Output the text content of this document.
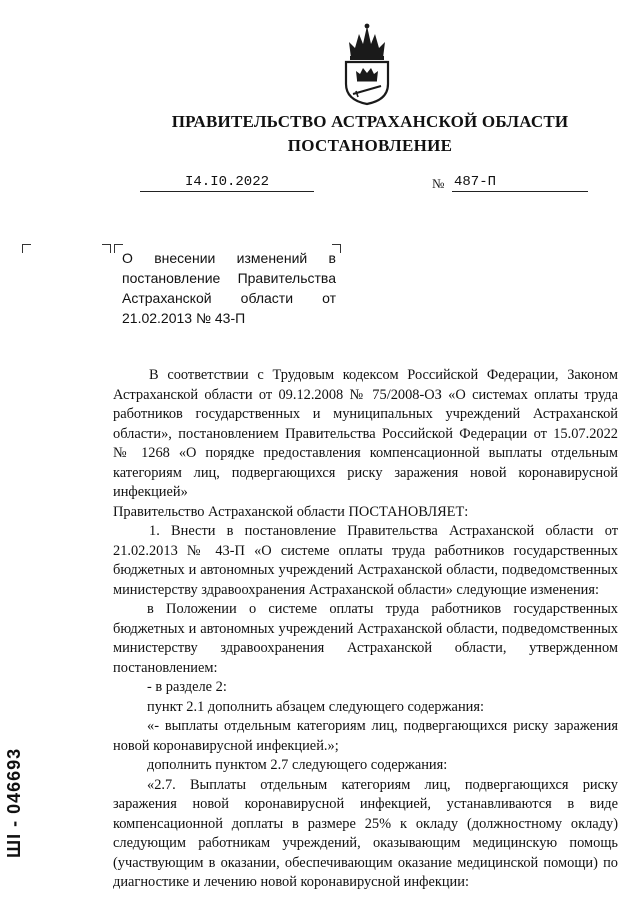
ПРАВИТЕЛЬСТВО АСТРАХАНСКОЙ ОБЛАСТИ
ПОСТАНОВЛЕНИЕ
I4.I0.2022	№ 487-П
О внесении изменений в постановление Правительства Астраханской области от 21.02.2013 № 43-П

В соответствии с Трудовым кодексом Российской Федерации, Законом Астраханской области от 09.12.2008 № 75/2008-ОЗ «О системах оплаты труда работников государственных и муниципальных учреждений Астраханской области», постановлением Правительства Российской Федерации от 15.07.2022 № 1268 «О порядке предоставления компенсационной выплаты отдельным категориям лиц, подвергающихся риску заражения новой коронавирусной инфекцией»

Правительство Астраханской области ПОСТАНОВЛЯЕТ:

1. Внести в постановление Правительства Астраханской области от 21.02.2013 № 43-П «О системе оплаты труда работников государственных бюджетных и автономных учреждений Астраханской области, подведомственных министерству здравоохранения Астраханской области» следующие изменения:

в Положении о системе оплаты труда работников государственных бюджетных и автономных учреждений Астраханской области, подведомственных министерству здравоохранения Астраханской области, утвержденном постановлением:

- в разделе 2:

пункт 2.1 дополнить абзацем следующего содержания:

«- выплаты отдельным категориям лиц, подвергающихся риску заражения новой коронавирусной инфекцией.»;

дополнить пунктом 2.7 следующего содержания:

«2.7. Выплаты отдельным категориям лиц, подвергающихся риску заражения новой коронавирусной инфекцией, устанавливаются в виде компенсационной доплаты в размере 25% к окладу (должностному окладу) следующим работникам учреждений, оказывающим медицинскую помощь (участвующим в оказании, обеспечивающим оказание медицинской помощи) по диагностике и лечению новой коронавирусной инфекции:

ШI - 046693
